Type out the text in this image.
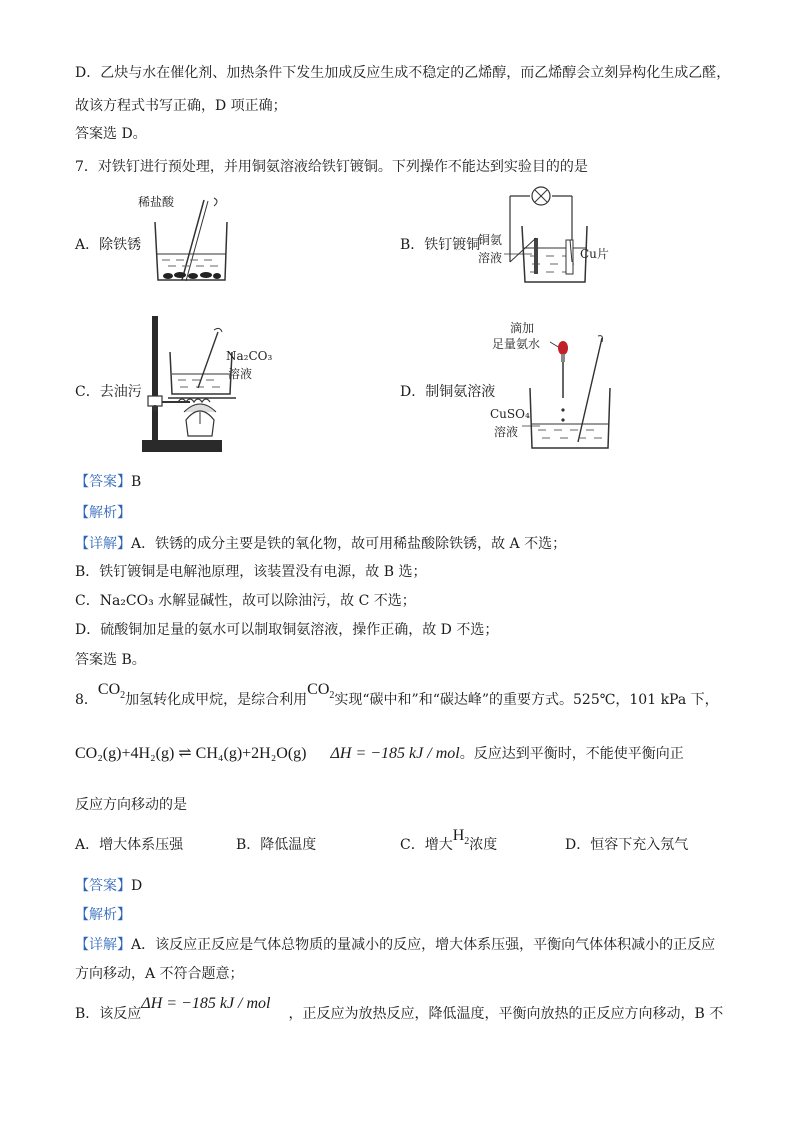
D．乙炔与水在催化剂、加热条件下发生加成反应生成不稳定的乙烯醇，而乙烯醇会立刻异构化生成乙醛，
故该方程式书写正确，D 项正确；
答案选 D。
7．对铁钉进行预处理，并用铜氨溶液给铁钉镀铜。下列操作不能达到实验目的的是
稀盐酸
A．除铁锈	铜氨
溶液	Cu片
B．铁钉镀铜
Na₂CO₃
溶液
C．去油污
滴加
足量氨水
CuSO₄
溶液
D．制铜氨溶液
【答案】B
【解析】
【详解】A．铁锈的成分主要是铁的氧化物，故可用稀盐酸除铁锈，故 A 不选；
B．铁钉镀铜是电解池原理，该装置没有电源，故 B 选；
C．Na₂CO₃ 水解显碱性，故可以除油污，故 C 不选；
D．硫酸铜加足量的氨水可以制取铜氨溶液，操作正确，故 D 不选；
答案选 B。
8．$CO_2$加氢转化成甲烷，是综合利用$CO_2$实现“碳中和”和“碳达峰”的重要方式。525℃，101 kPa 下，
CO₂(g)+4H₂(g) ⇌ CH₄(g)+2H₂O(g) ΔH = −185 kJ / mol。反应达到平衡时，不能使平衡向正
反应方向移动的是
A．增大体系压强	B．降低温度	C．增大$H_2$浓度	D．恒容下充入氖气
【答案】D
【解析】
【详解】A．该反应正反应是气体总物质的量减小的反应，增大体系压强，平衡向气体体积减小的正反应
方向移动，A 不符合题意；
B．该反应ΔH = −185 kJ / mol，正反应为放热反应，降低温度，平衡向放热的正反应方向移动，B 不
